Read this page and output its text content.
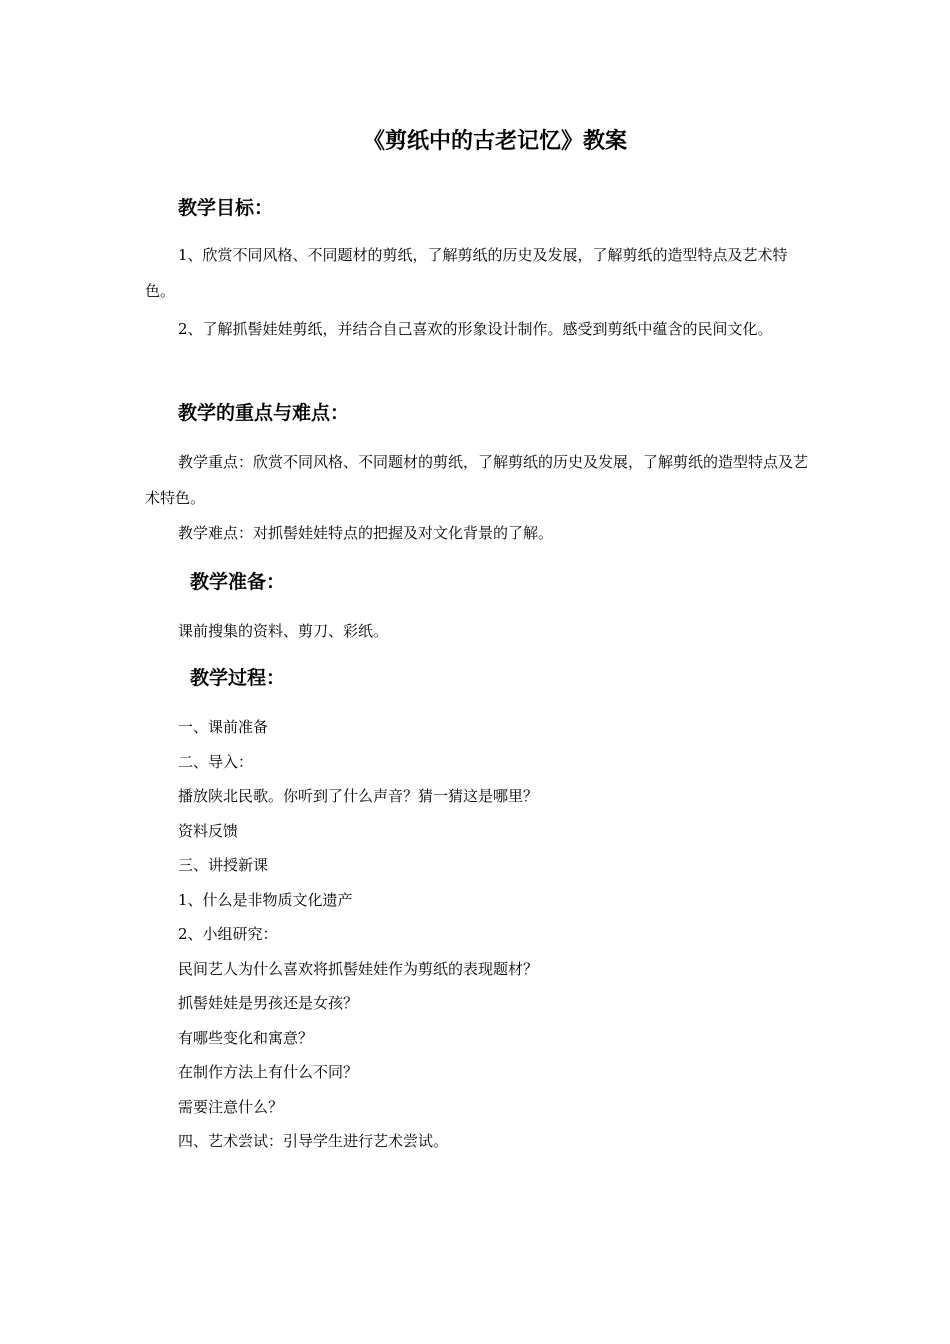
《剪纸中的古老记忆》教案
教学目标：
1、欣赏不同风格、不同题材的剪纸，了解剪纸的历史及发展，了解剪纸的造型特点及艺术特色。
2、了解抓髻娃娃剪纸，并结合自己喜欢的形象设计制作。感受到剪纸中蕴含的民间文化。
教学的重点与难点：
教学重点：欣赏不同风格、不同题材的剪纸，了解剪纸的历史及发展，了解剪纸的造型特点及艺术特色。
教学难点：对抓髻娃娃特点的把握及对文化背景的了解。
教学准备：
课前搜集的资料、剪刀、彩纸。
教学过程：
一、课前准备
二、导入：
播放陕北民歌。你听到了什么声音？猜一猜这是哪里？
资料反馈
三、讲授新课
1、什么是非物质文化遗产
2、小组研究：
民间艺人为什么喜欢将抓髻娃娃作为剪纸的表现题材？
抓髻娃娃是男孩还是女孩？
有哪些变化和寓意？
在制作方法上有什么不同？
需要注意什么？
四、艺术尝试：引导学生进行艺术尝试。
